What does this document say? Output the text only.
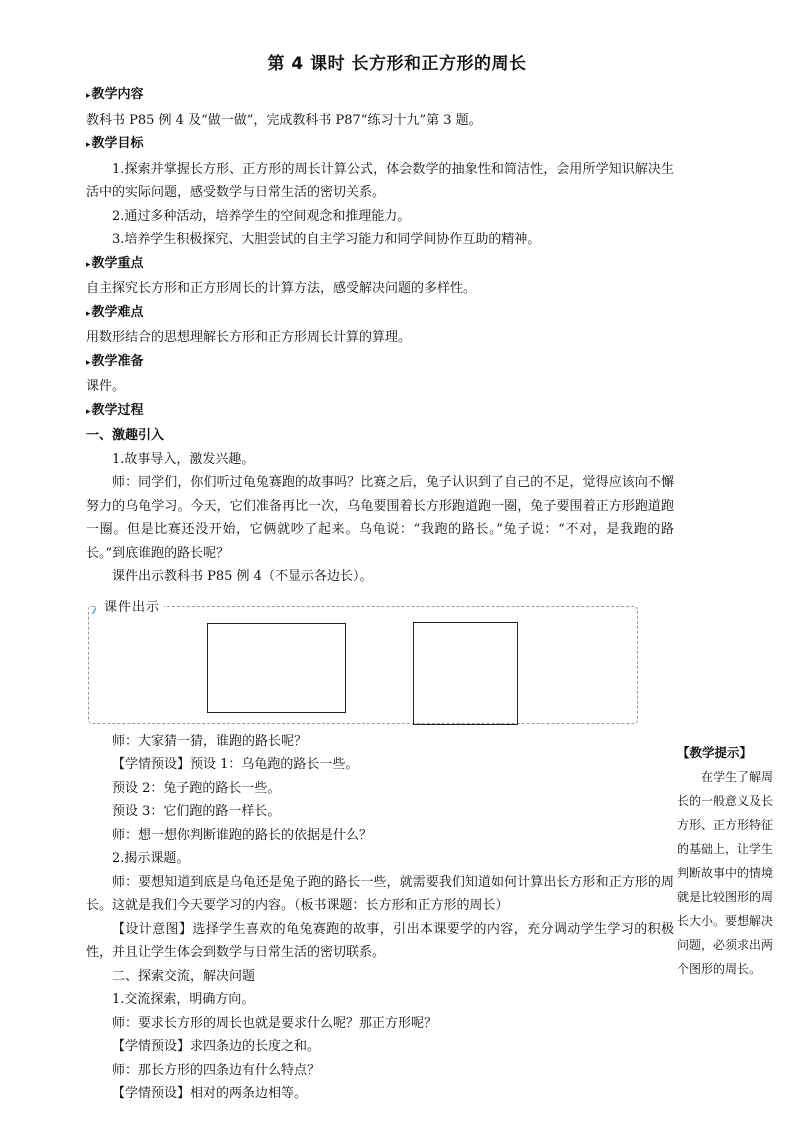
第 4 课时 长方形和正方形的周长
▸教学内容
教科书 P85 例 4 及“做一做”，完成教科书 P87“练习十九”第 3 题。
▸教学目标
1.探索并掌握长方形、正方形的周长计算公式，体会数学的抽象性和简洁性，会用所学知识解决生活中的实际问题，感受数学与日常生活的密切关系。
2.通过多种活动，培养学生的空间观念和推理能力。
3.培养学生积极探究、大胆尝试的自主学习能力和同学间协作互助的精神。
▸教学重点
自主探究长方形和正方形周长的计算方法，感受解决问题的多样性。
▸教学难点
用数形结合的思想理解长方形和正方形周长计算的算理。
▸教学准备
课件。
▸教学过程
一、激趣引入
1.故事导入，激发兴趣。
师：同学们，你们听过龟兔赛跑的故事吗？比赛之后，兔子认识到了自己的不足，觉得应该向不懈努力的乌龟学习。今天，它们准备再比一次，乌龟要围着长方形跑道跑一圈，兔子要围着正方形跑道跑一圈。但是比赛还没开始，它俩就吵了起来。乌龟说：“我跑的路长。”兔子说：“不对，是我跑的路长。”到底谁跑的路长呢？
课件出示教科书 P85 例 4（不显示各边长）。
课件出示
师：大家猜一猜，谁跑的路长呢？
【学情预设】预设 1：乌龟跑的路长一些。
预设 2：兔子跑的路长一些。
预设 3：它们跑的路一样长。
师：想一想你判断谁跑的路长的依据是什么？
2.揭示课题。
师：要想知道到底是乌龟还是兔子跑的路长一些，就需要我们知道如何计算出长方形和正方形的周长。这就是我们今天要学习的内容。（板书课题：长方形和正方形的周长）
【设计意图】选择学生喜欢的龟兔赛跑的故事，引出本课要学的内容，充分调动学生学习的积极性，并且让学生体会到数学与日常生活的密切联系。
二、探索交流，解决问题
1.交流探索，明确方向。
师：要求长方形的周长也就是要求什么呢？那正方形呢？
【学情预设】求四条边的长度之和。
师：那长方形的四条边有什么特点？
【学情预设】相对的两条边相等。
【教学提示】
在学生了解周长的一般意义及长方形、正方形特征的基础上，让学生判断故事中的情境就是比较图形的周长大小。要想解决问题，必须求出两个图形的周长。
